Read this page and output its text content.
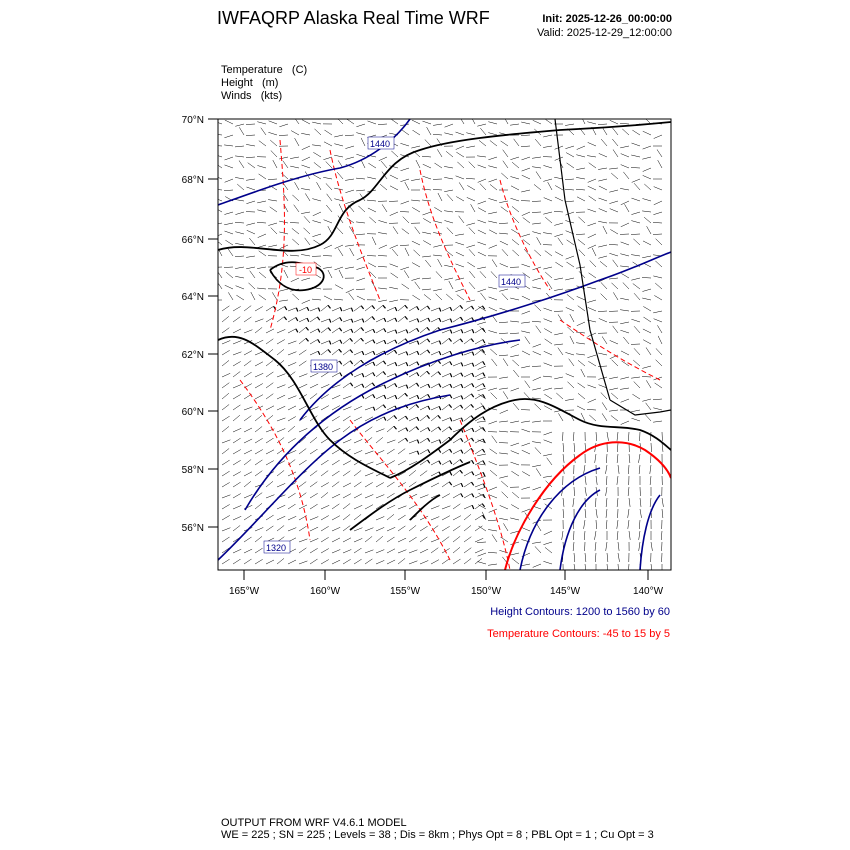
IWFAQRP Alaska Real Time WRF	Init: 2025-12-26_00:00:00
Valid: 2025-12-29_12:00:00
Temperature   (C)
Height   (m)
Winds   (kts)
70°N
68°N
66°N
64°N
62°N
60°N
58°N
56°N
165°W	160°W	155°W	150°W	145°W	140°W
1440
1440
1380
1320
-10
Height Contours: 1200 to 1560 by 60
Temperature Contours: -45 to 15 by 5
OUTPUT FROM WRF V4.6.1 MODEL
WE = 225 ; SN = 225 ; Levels = 38 ; Dis = 8km ; Phys Opt = 8 ; PBL Opt = 1 ; Cu Opt = 3
